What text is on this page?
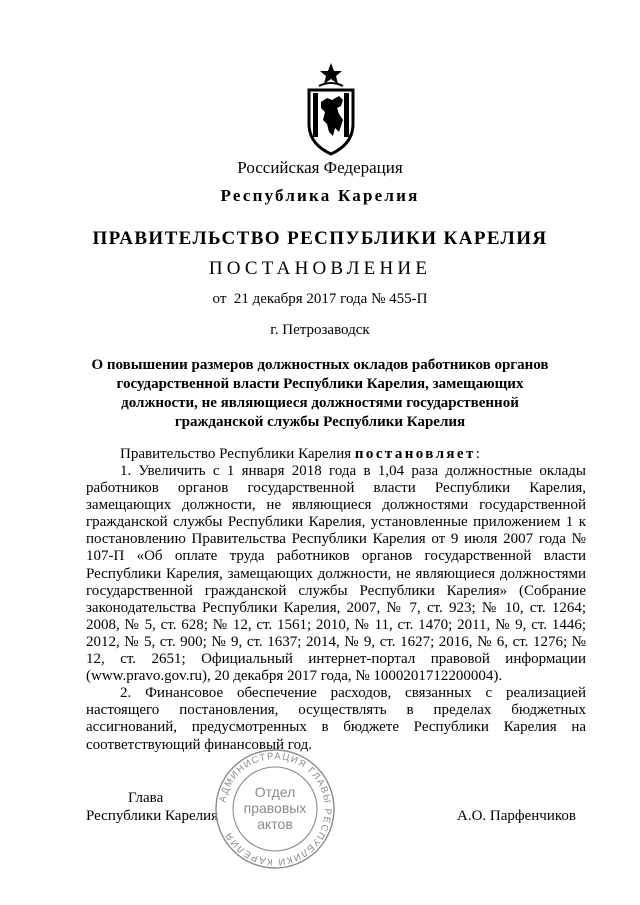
Российская Федерация
Республика Карелия
ПРАВИТЕЛЬСТВО РЕСПУБЛИКИ КАРЕЛИЯ
ПОСТАНОВЛЕНИЕ
от  21 декабря 2017 года № 455-П
г. Петрозаводск
О повышении размеров должностных окладов работников органов государственной власти Республики Карелия, замещающих должности, не являющиеся должностями государственной гражданской службы Республики Карелия
Правительство Республики Карелия постановляет:

1. Увеличить с 1 января 2018 года в 1,04 раза должностные оклады работников органов государственной власти Республики Карелия, замещающих должности, не являющиеся должностями государственной гражданской службы Республики Карелия, установленные приложением 1 к постановлению Правительства Республики Карелия от 9 июля 2007 года № 107-П «Об оплате труда работников органов государственной власти Республики Карелия, замещающих должности, не являющиеся должностями государственной гражданской службы Республики Карелия» (Собрание законодательства Республики Карелия, 2007, № 7, ст. 923; № 10, ст. 1264; 2008, № 5, ст. 628; № 12, ст. 1561; 2010, № 11, ст. 1470; 2011, № 9, ст. 1446; 2012, № 5, ст. 900; № 9, ст. 1637; 2014, № 9, ст. 1627; 2016, № 6, ст. 1276; № 12, ст. 2651; Официальный интернет-портал правовой информации (www.pravo.gov.ru), 20 декабря 2017 года, № 1000201712200004).

2. Финансовое обеспечение расходов, связанных с реализацией настоящего постановления, осуществлять в пределах бюджетных ассигнований, предусмотренных в бюджете Республики Карелия на соответствующий финансовый год.

Глава
Республики Карелия	А.О. Парфенчиков
АДМИНИСТРАЦИЯ ГЛАВЫ РЕСПУБЛИКИ КАРЕЛИЯ
Отдел
правовых
актов
